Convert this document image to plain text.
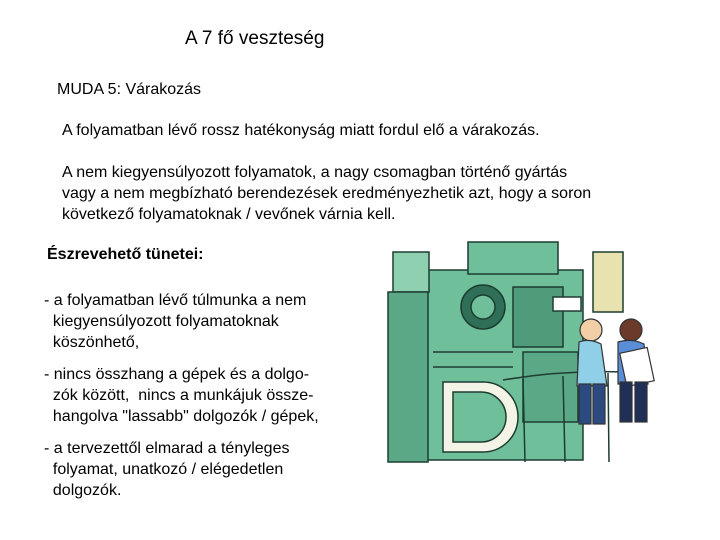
A 7 fő veszteség

MUDA 5: Várakozás

A folyamatban lévő rossz hatékonyság miatt fordul elő a várakozás.

A nem kiegyensúlyozott folyamatok, a nagy csomagban történő gyártás
vagy a nem megbízható berendezések eredményezhetik azt, hogy a soron
következő folyamatoknak / vevőnek várnia kell.

Észrevehető tünetei:

- a folyamatban lévő túlmunka a nem
kiegyensúlyozott folyamatoknak
köszönhető,
- nincs összhang a gépek és a dolgo-
zók között,  nincs a munkájuk össze-
hangolva "lassabb" dolgozók / gépek,
- a tervezettől elmarad a tényleges
folyamat, unatkozó / elégedetlen
dolgozók.
